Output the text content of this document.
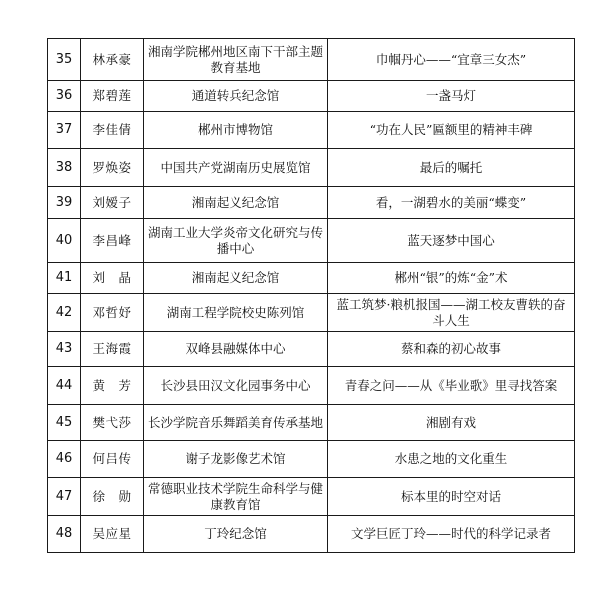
35	林承豪	湘南学院郴州地区南下干部主题教育基地	巾帼丹心——“宜章三女杰”
36	郑碧莲	通道转兵纪念馆	一盏马灯
37	李佳倩	郴州市博物馆	“功在人民”匾额里的精神丰碑
38	罗焕姿	中国共产党湖南历史展览馆	最后的嘱托
39	刘嫒子	湘南起义纪念馆	看，一湖碧水的美丽“蝶变”
40	李昌峰	湖南工业大学炎帝文化研究与传播中心	蓝天逐梦中国心
41	刘　晶	湘南起义纪念馆	郴州“银”的炼“金”术
42	邓哲妤	湖南工程学院校史陈列馆	蓝工筑梦·粮机报国——湖工校友曹轶的奋斗人生
43	王海霞	双峰县融媒体中心	蔡和森的初心故事
44	黄　芳	长沙县田汉文化园事务中心	青春之问——从《毕业歌》里寻找答案
45	樊弋莎	长沙学院音乐舞蹈美育传承基地	湘剧有戏
46	何吕传	谢子龙影像艺术馆	水患之地的文化重生
47	徐　勋	常德职业技术学院生命科学与健康教育馆	标本里的时空对话
48	吴应星	丁玲纪念馆	文学巨匠丁玲——时代的科学记录者
